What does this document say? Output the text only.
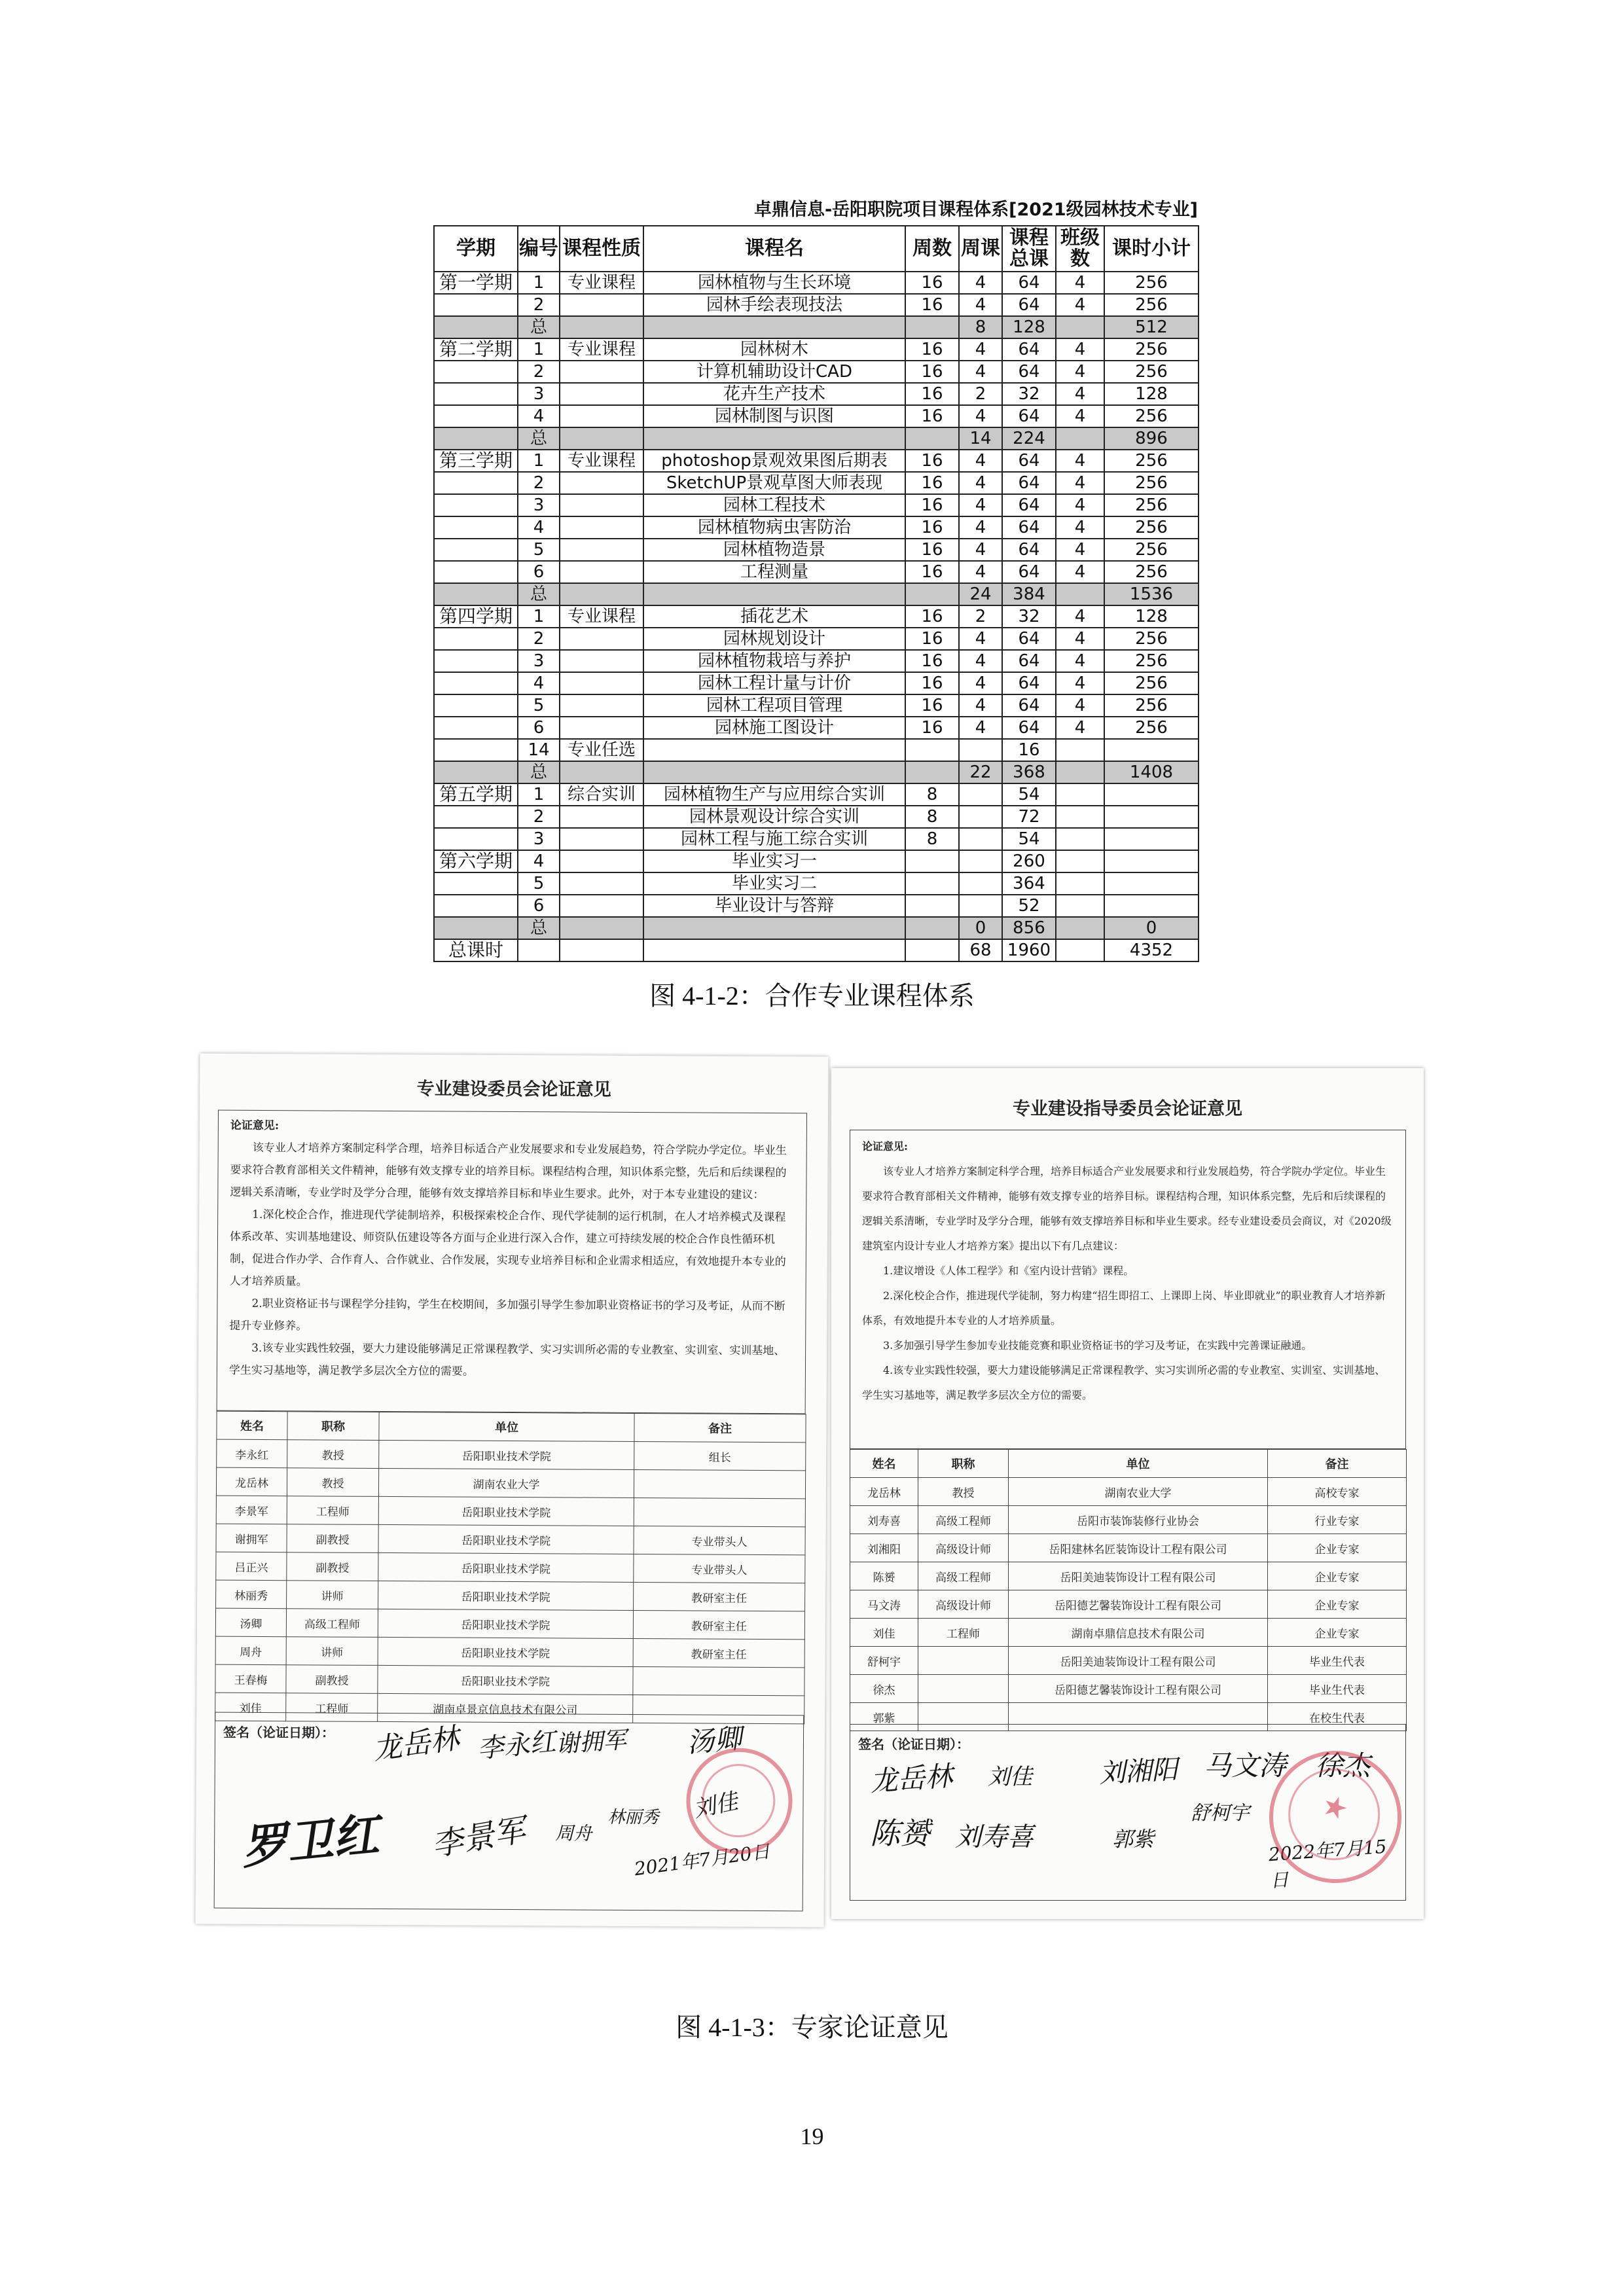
卓鼎信息-岳阳职院项目课程体系[2021级园林技术专业]
学期	编号	课程性质	课程名	周数	周课	课程总课	班级数	课时小计
第一学期	1	专业课程	园林植物与生长环境	16	4	64	4	256
	2		园林手绘表现技法	16	4	64	4	256
	总				8	128		512
第二学期	1	专业课程	园林树木	16	4	64	4	256
	2		计算机辅助设计CAD	16	4	64	4	256
	3		花卉生产技术	16	2	32	4	128
	4		园林制图与识图	16	4	64	4	256
	总				14	224		896
第三学期	1	专业课程	photoshop景观效果图后期表	16	4	64	4	256
	2		SketchUP景观草图大师表现	16	4	64	4	256
	3		园林工程技术	16	4	64	4	256
	4		园林植物病虫害防治	16	4	64	4	256
	5		园林植物造景	16	4	64	4	256
	6		工程测量	16	4	64	4	256
	总				24	384		1536
第四学期	1	专业课程	插花艺术	16	2	32	4	128
	2		园林规划设计	16	4	64	4	256
	3		园林植物栽培与养护	16	4	64	4	256
	4		园林工程计量与计价	16	4	64	4	256
	5		园林工程项目管理	16	4	64	4	256
	6		园林施工图设计	16	4	64	4	256
	14	专业任选				16		
	总				22	368		1408
第五学期	1	综合实训	园林植物生产与应用综合实训	8		54		
	2		园林景观设计综合实训	8		72		
	3		园林工程与施工综合实训	8		54		
第六学期	4		毕业实习一			260		
	5		毕业实习二			364		
	6		毕业设计与答辩			52		
	总				0	856		0
总课时					68	1960		4352
图 4-1-2：合作专业课程体系
专业建设委员会论证意见

论证意见:

该专业人才培养方案制定科学合理，培养目标适合产业发展要求和专业发展趋势，符合学院办学定位。毕业生要求符合教育部相关文件精神，能够有效支撑专业的培养目标。课程结构合理，知识体系完整，先后和后续课程的逻辑关系清晰，专业学时及学分合理，能够有效支撑培养目标和毕业生要求。此外，对于本专业建设的建议：

1.深化校企合作，推进现代学徒制培养，积极探索校企合作、现代学徒制的运行机制，在人才培养模式及课程体系改革、实训基地建设、师资队伍建设等各方面与企业进行深入合作，建立可持续发展的校企合作良性循环机制，促进合作办学、合作育人、合作就业、合作发展，实现专业培养目标和企业需求相适应，有效地提升本专业的人才培养质量。

2.职业资格证书与课程学分挂钩，学生在校期间，多加强引导学生参加职业资格证书的学习及考证，从而不断提升专业修养。

3.该专业实践性较强，要大力建设能够满足正常课程教学、实习实训所必需的专业教室、实训室、实训基地、学生实习基地等，满足教学多层次全方位的需要。

姓名	职称	单位	备注
李永红	教授	岳阳职业技术学院	组长
龙岳林	教授	湖南农业大学	
李景军	工程师	岳阳职业技术学院	
谢拥军	副教授	岳阳职业技术学院	专业带头人
吕正兴	副教授	岳阳职业技术学院	专业带头人
林丽秀	讲师	岳阳职业技术学院	教研室主任
汤卿	高级工程师	岳阳职业技术学院	教研室主任
周舟	讲师	岳阳职业技术学院	教研室主任
王春梅	副教授	岳阳职业技术学院	
刘佳	工程师	湖南卓景京信息技术有限公司	
签名（论证日期）： 龙岳林 李永红
谢拥军 汤卿
罗卫红 李景军 周舟
林丽秀 刘佳
2021年7月20日
专业建设指导委员会论证意见

论证意见:

该专业人才培养方案制定科学合理，培养目标适合产业发展要求和行业发展趋势，符合学院办学定位。毕业生要求符合教育部相关文件精神，能够有效支撑专业的培养目标。课程结构合理，知识体系完整，先后和后续课程的逻辑关系清晰，专业学时及学分合理，能够有效支撑培养目标和毕业生要求。经专业建设委员会商议，对《2020级建筑室内设计专业人才培养方案》提出以下有几点建议：

1.建议增设《人体工程学》和《室内设计营销》课程。

2.深化校企合作，推进现代学徒制，努力构建“招生即招工、上课即上岗、毕业即就业”的职业教育人才培养新体系，有效地提升本专业的人才培养质量。

3.多加强引导学生参加专业技能竞赛和职业资格证书的学习及考证，在实践中完善课证融通。

4.该专业实践性较强，要大力建设能够满足正常课程教学、实习实训所必需的专业教室、实训室、实训基地、学生实习基地等，满足教学多层次全方位的需要。

姓名	职称	单位	备注
龙岳林	教授	湖南农业大学	高校专家
刘寿喜	高级工程师	岳阳市装饰装修行业协会	行业专家
刘湘阳	高级设计师	岳阳建林名匠装饰设计工程有限公司	企业专家
陈赟	高级工程师	岳阳美迪装饰设计工程有限公司	企业专家
马文涛	高级设计师	岳阳德艺馨装饰设计工程有限公司	企业专家
刘佳	工程师	湖南卓鼎信息技术有限公司	企业专家
舒柯宇		岳阳美迪装饰设计工程有限公司	毕业生代表
徐杰		岳阳德艺馨装饰设计工程有限公司	毕业生代表
郭紫			在校生代表
签名（论证日期）：
龙岳林 刘佳	刘湘阳 马文涛 徐杰
陈赟 刘寿喜	郭紫
舒柯宇
2022年7月15日
★
图 4-1-3：专家论证意见
19
